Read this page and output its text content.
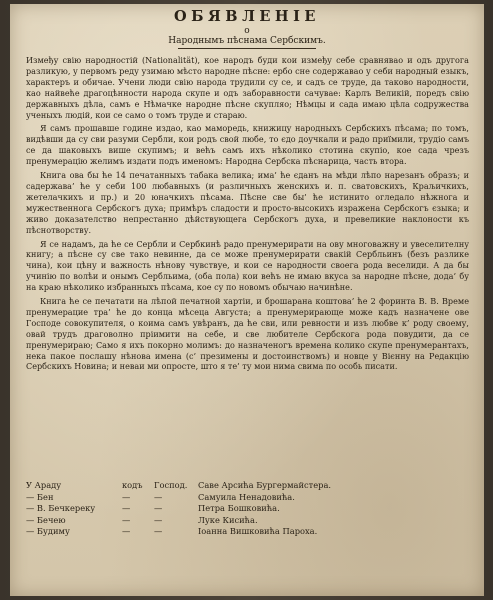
ОБЯВЛЕНІЕ
о
Народнымъ пѣснама Сербскимъ.

Између свію народностій (Nationalität), кое народъ буди кои између себе сравнявао и одъ другога разликую, у первомъ реду узимаю мѣсто народне пѣсне: ербо сне содержавао у себи народный езыкъ, характеръ и обичае. Учени люди свію народа трудили су се, и садъ се труде, да таково народности, као найвеће драгоцѣнности народа скупе и одъ заборавности сачувае: Карлъ Великій, поредъ свію державныхъ дѣла, самъ е Нѣмачке народне пѣсне скупляо; Нѣмцы и сада имаю цѣла содружества ученыхъ людій, кои се само о томъ труде и стараю.

Я самъ прошавше године издао, као маморедь, книжицу народныхъ Сербскихъ пѣсама; по томъ, видѣвши да су сви разуми Сербли, кои родъ свой любе, то єдо доучкали и радо приїмили, трудіо самъ се да шаковыхъ више скупимъ; и већъ самъ ихъ нѣколико стотина скупіо, кое сада чрезъ пренумерацію желимъ издати подъ именомъ: Народна Сербска пѣснарица, часть втора.

Книга ова бы ће 14 печатанныхъ табака велика; има’ ће єданъ на мѣди лѣпо нарезанъ образъ; и садержава’ ће у себи 100 любавныхъ (и различныхъ женскихъ и. п. сватовскихъ, Краљичкихъ, жетелачкихъ и пр.) и 20 юначкихъ пѣсама. Пѣсне све бы’ ће истинито огледало нѣжнога и мужественнога Сербскогъ духа; примѣръ сладости и просто-высокихъ изражена Сербскогъ єзыка; и живо доказателство непрестанно дѣйствующега Сербскогъ духа, и превеликие наклоности къ пѣснотворству.

Я се надамъ, да ће се Сербли и Сербкинѣ радо пренумерирати на ову многоважну и увеселителну книгу; а пѣсне су све тако невинне, да се може пренумерирати свакій Сербльинъ (безъ разлике чина), кои цѣну и важность нѣнову чувствуе, и кои се народности своега рода веселиди. А да бы учинію по волѣи и онымъ Сербльима, (оба пола) кои већъ не имаю вкуса за народне пѣсне, дода’ бу на краю нѣколико избранныхъ пѣсама, кое су по новомъ обычаю начинѣне.

Книга ће се печатати на лѣпой печатной хартіи, и брошарана коштова’ ће 2 форинта В. В. Време пренумерацие тра’ ће до конца мѣсеца Августа; а пренумерирающе може кадъ назначене ове Господе совокупителя, о коима самъ увѣранъ, да ће сви, или ревности и изъ любве к’ роду своему, овай трудъ драговолно пріимити на себе, и све любителе Сербскога рода повудити, да се пренумерираю; Само я ихъ покорно молимъ: до назначеногъ времена колико скупе пренумерантахъ, нека пакое послашу нѣнова имена (с’ презимены и достоинствомъ) и новце у Вієнну на Редакцію Сербскихъ Новина; и неваи ми опросте, што я те’ ту мои нима свима по особь писати.

У Араду	кодъ	Господ.	Саве Арсића Бургермайстера.
— Бен	—	—	Самуила Ненадовића.
— В. Бечкереку	—	—	Петра Бошковића.
— Бечею	—	—	Луке Кисића.
— Будиму	—	—	Іоанна Вишковића Пароха.
